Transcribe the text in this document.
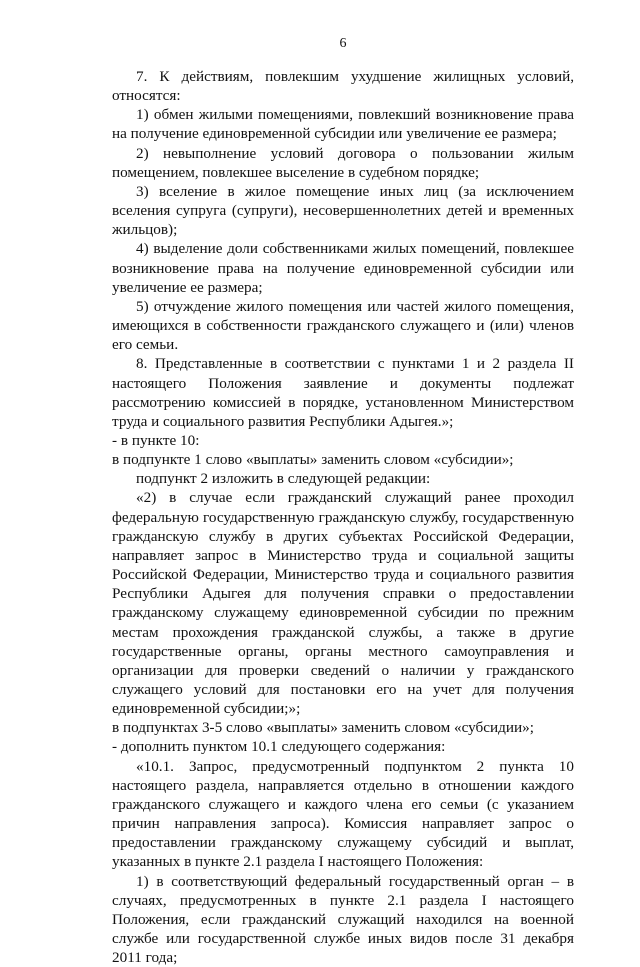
6

7. К действиям, повлекшим ухудшение жилищных условий, относятся:

1) обмен жилыми помещениями, повлекший возникновение права на получение единовременной субсидии или увеличение ее размера;

2) невыполнение условий договора о пользовании жилым помещением, повлекшее выселение в судебном порядке;

3) вселение в жилое помещение иных лиц (за исключением вселения супруга (супруги), несовершеннолетних детей и временных жильцов);

4) выделение доли собственниками жилых помещений, повлекшее возникновение права на получение единовременной субсидии или увеличение ее размера;

5) отчуждение жилого помещения или частей жилого помещения, имеющихся в собственности гражданского служащего и (или) членов его семьи.

8. Представленные в соответствии с пунктами 1 и 2 раздела II настоящего Положения заявление и документы подлежат рассмотрению комиссией в порядке, установленном Министерством труда и социального развития Республики Адыгея.»;

- в пункте 10:

в подпункте 1 слово «выплаты» заменить словом «субсидии»;

подпункт 2 изложить в следующей редакции:

«2) в случае если гражданский служащий ранее проходил федеральную государственную гражданскую службу, государственную гражданскую службу в других субъектах Российской Федерации, направляет запрос в Министерство труда и социальной защиты Российской Федерации, Министерство труда и социального развития Республики Адыгея для получения справки о предоставлении гражданскому служащему единовременной субсидии по прежним местам прохождения гражданской службы, а также в другие государственные органы, органы местного самоуправления и организации для проверки сведений о наличии у гражданского служащего условий для постановки его на учет для получения единовременной субсидии;»;

в подпунктах 3-5 слово «выплаты» заменить словом «субсидии»;

- дополнить пунктом 10.1 следующего содержания:

«10.1. Запрос, предусмотренный подпунктом 2 пункта 10 настоящего раздела, направляется отдельно в отношении каждого гражданского служащего и каждого члена его семьи (с указанием причин направления запроса). Комиссия направляет запрос о предоставлении гражданскому служащему субсидий и выплат, указанных в пункте 2.1 раздела I настоящего Положения:

1) в соответствующий федеральный государственный орган – в случаях, предусмотренных в пункте 2.1 раздела I настоящего Положения, если гражданский служащий находился на военной службе или государственной службе иных видов после 31 декабря 2011 года;
